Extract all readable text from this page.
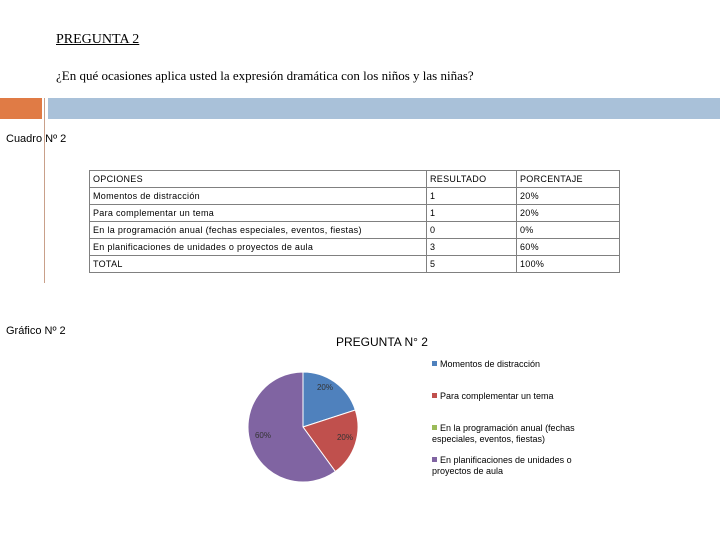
PREGUNTA 2
¿En qué ocasiones aplica usted la expresión dramática con los niños y las niñas?
Cuadro Nº 2
OPCIONES	RESULTADO	PORCENTAJE
Momentos de distracción	1	20%
Para complementar un tema	1	20%
En la programación anual (fechas especiales, eventos, fiestas)	0	0%
En planificaciones de unidades o proyectos de aula	3	60%
TOTAL	5	100%
Gráfico Nº 2
PREGUNTA N° 2
20%
20%
60%
Momentos de distracción
Para complementar un tema
En la programación anual (fechas especiales, eventos, fiestas)
En planificaciones de unidades o proyectos de aula
